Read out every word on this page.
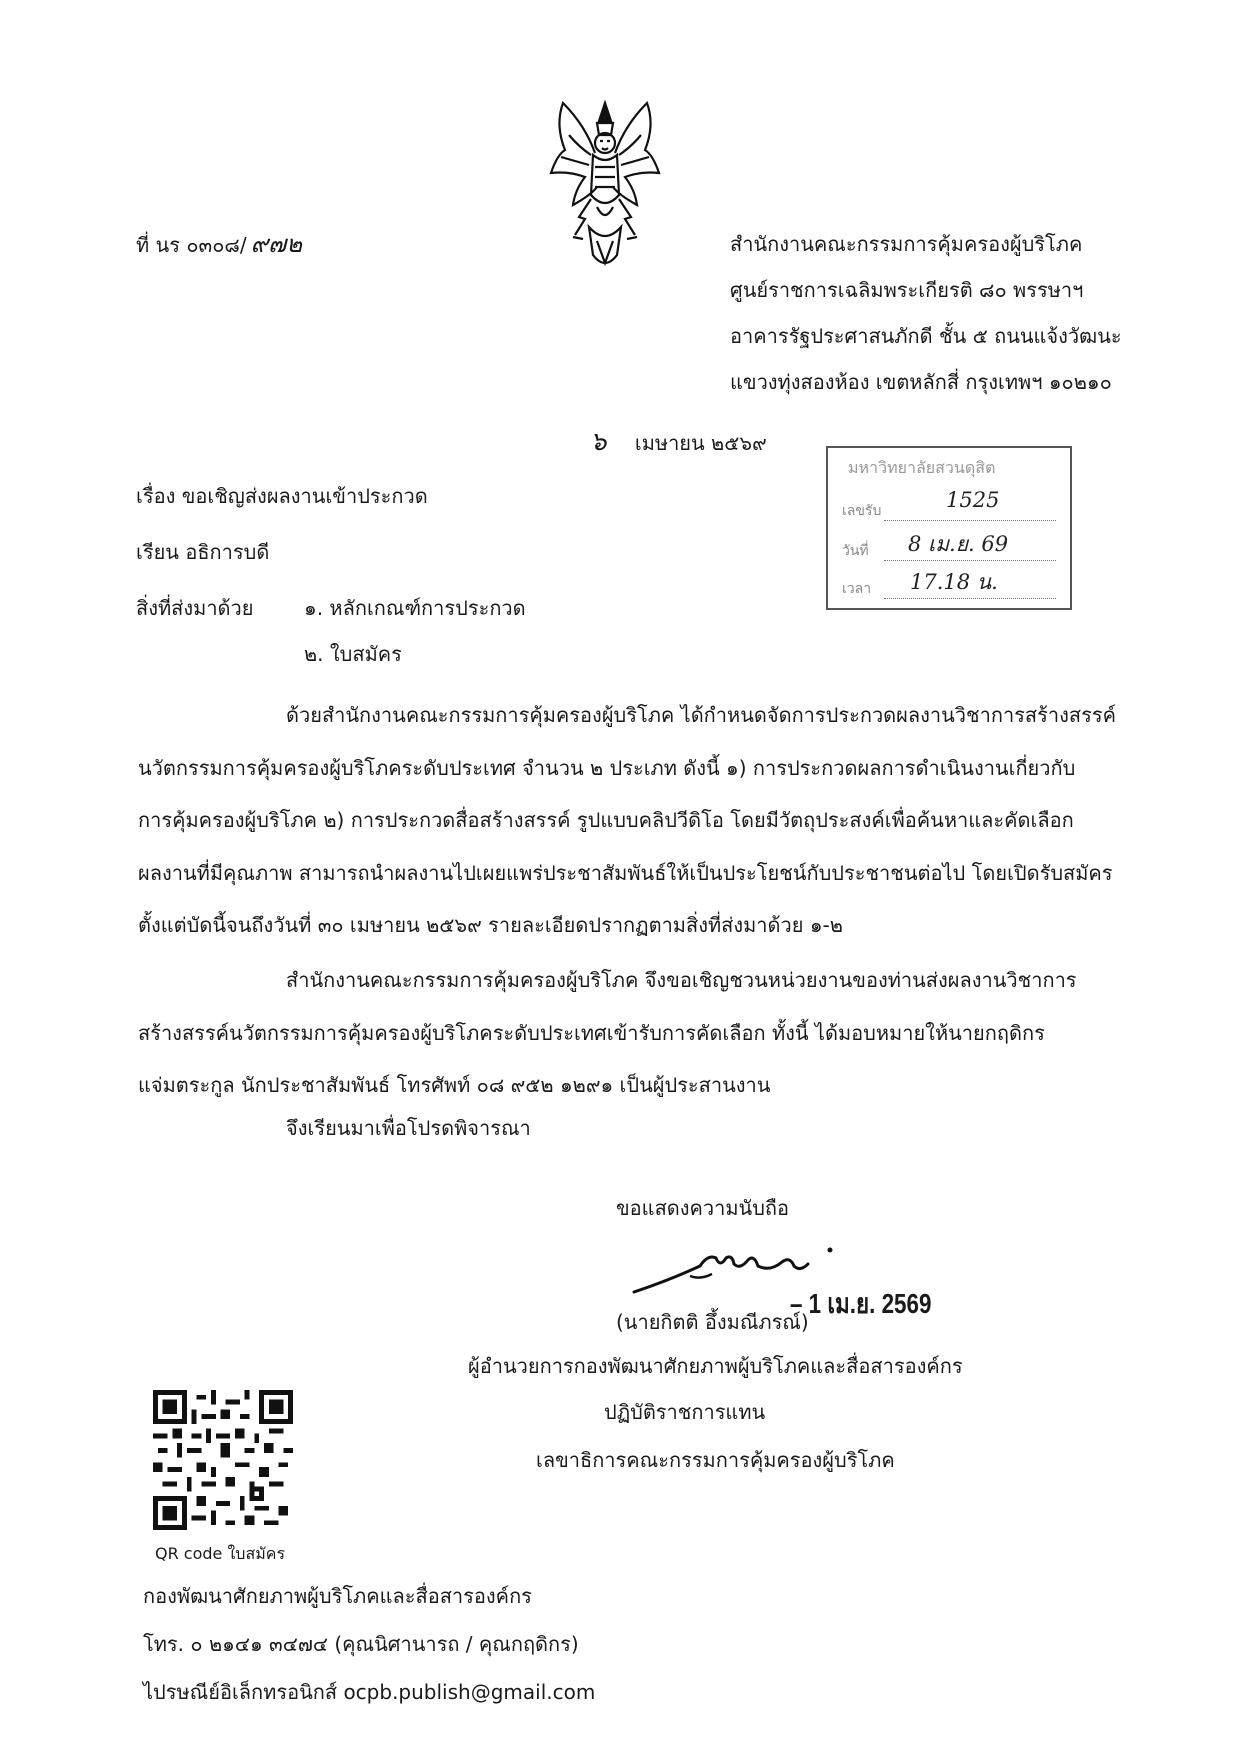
ที่ นร ๐๓๐๘/ ๙๗๒	สำนักงานคณะกรรมการคุ้มครองผู้บริโภค
ศูนย์ราชการเฉลิมพระเกียรติ ๘๐ พรรษาฯ
อาคารรัฐประศาสนภักดี ชั้น ๕ ถนนแจ้งวัฒนะ
แขวงทุ่งสองห้อง เขตหลักสี่ กรุงเทพฯ ๑๐๒๑๐
๖ เมษายน ๒๕๖๙
มหาวิทยาลัยสวนดุสิต
เลขรับ	1525
วันที่ 8 เม.ย. 69
เวลา 17.18 น.
เรื่อง ขอเชิญส่งผลงานเข้าประกวด
เรียน อธิการบดี
สิ่งที่ส่งมาด้วย	๑. หลักเกณฑ์การประกวด
๒. ใบสมัคร
ด้วยสำนักงานคณะกรรมการคุ้มครองผู้บริโภค ได้กำหนดจัดการประกวดผลงานวิชาการสร้างสรรค์
นวัตกรรมการคุ้มครองผู้บริโภคระดับประเทศ จำนวน ๒ ประเภท ดังนี้ ๑) การประกวดผลการดำเนินงานเกี่ยวกับ
การคุ้มครองผู้บริโภค ๒) การประกวดสื่อสร้างสรรค์ รูปแบบคลิปวีดิโอ โดยมีวัตถุประสงค์เพื่อค้นหาและคัดเลือก
ผลงานที่มีคุณภาพ สามารถนำผลงานไปเผยแพร่ประชาสัมพันธ์ให้เป็นประโยชน์กับประชาชนต่อไป โดยเปิดรับสมัคร
ตั้งแต่บัดนี้จนถึงวันที่ ๓๐ เมษายน ๒๕๖๙ รายละเอียดปรากฏตามสิ่งที่ส่งมาด้วย ๑-๒
สำนักงานคณะกรรมการคุ้มครองผู้บริโภค จึงขอเชิญชวนหน่วยงานของท่านส่งผลงานวิชาการ
สร้างสรรค์นวัตกรรมการคุ้มครองผู้บริโภคระดับประเทศเข้ารับการคัดเลือก ทั้งนี้ ได้มอบหมายให้นายกฤดิกร
แจ่มตระกูล นักประชาสัมพันธ์ โทรศัพท์ ๐๘ ๙๕๒ ๑๒๙๑ เป็นผู้ประสานงาน
จึงเรียนมาเพื่อโปรดพิจารณา
ขอแสดงความนับถือ
– 1 เม.ย. 2569
(นายกิตติ อึ้งมณีภรณ์)
ผู้อำนวยการกองพัฒนาศักยภาพผู้บริโภคและสื่อสารองค์กร
ปฏิบัติราชการแทน
เลขาธิการคณะกรรมการคุ้มครองผู้บริโภค
QR code ใบสมัคร
กองพัฒนาศักยภาพผู้บริโภคและสื่อสารองค์กร
โทร. ๐ ๒๑๔๑ ๓๔๗๔ (คุณนิศานารถ / คุณกฤดิกร)
ไปรษณีย์อิเล็กทรอนิกส์ ocpb.publish@gmail.com
